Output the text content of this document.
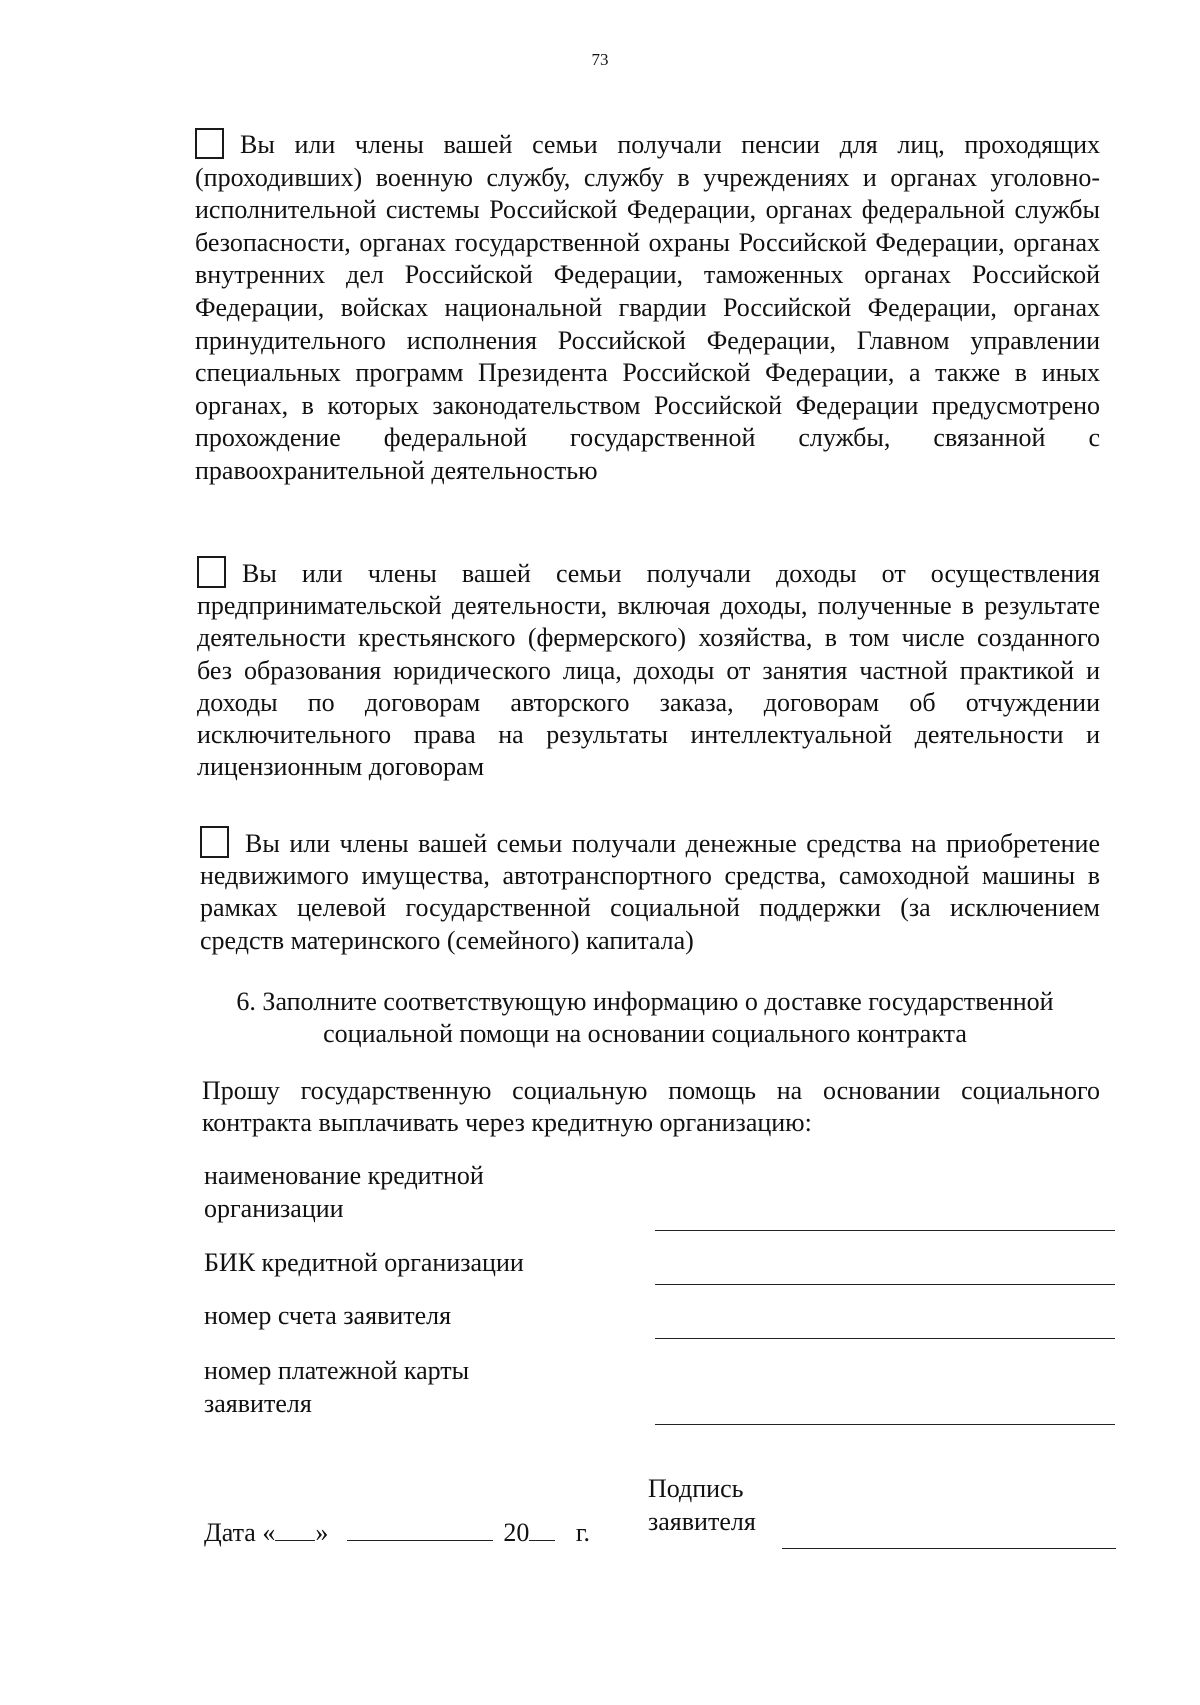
73
Вы или члены вашей семьи получали пенсии для лиц, проходящих (проходивших) военную службу, службу в учреждениях и органах уголовно-исполнительной системы Российской Федерации, органах федеральной службы безопасности, органах государственной охраны Российской Федерации, органах внутренних дел Российской Федерации, таможенных органах Российской Федерации, войсках национальной гвардии Российской Федерации, органах принудительного исполнения Российской Федерации, Главном управлении специальных программ Президента Российской Федерации, а также в иных органах, в которых законодательством Российской Федерации предусмотрено прохождение федеральной государственной службы, связанной с правоохранительной деятельностью
Вы или члены вашей семьи получали доходы от осуществления предпринимательской деятельности, включая доходы, полученные в результате деятельности крестьянского (фермерского) хозяйства, в том числе созданного без образования юридического лица, доходы от занятия частной практикой и доходы по договорам авторского заказа, договорам об отчуждении исключительного права на результаты интеллектуальной деятельности и лицензионным договорам
Вы или члены вашей семьи получали денежные средства на приобретение недвижимого имущества, автотранспортного средства, самоходной машины в рамках целевой государственной социальной поддержки (за исключением средств материнского (семейного) капитала)
6. Заполните соответствующую информацию о доставке государственной
социальной помощи на основании социального контракта
Прошу государственную социальную помощь на основании социального контракта выплачивать через кредитную организацию:
наименование кредитной организации
БИК кредитной организации
номер счета заявителя
номер платежной карты заявителя
Дата « »	20 г.
Подпись заявителя
